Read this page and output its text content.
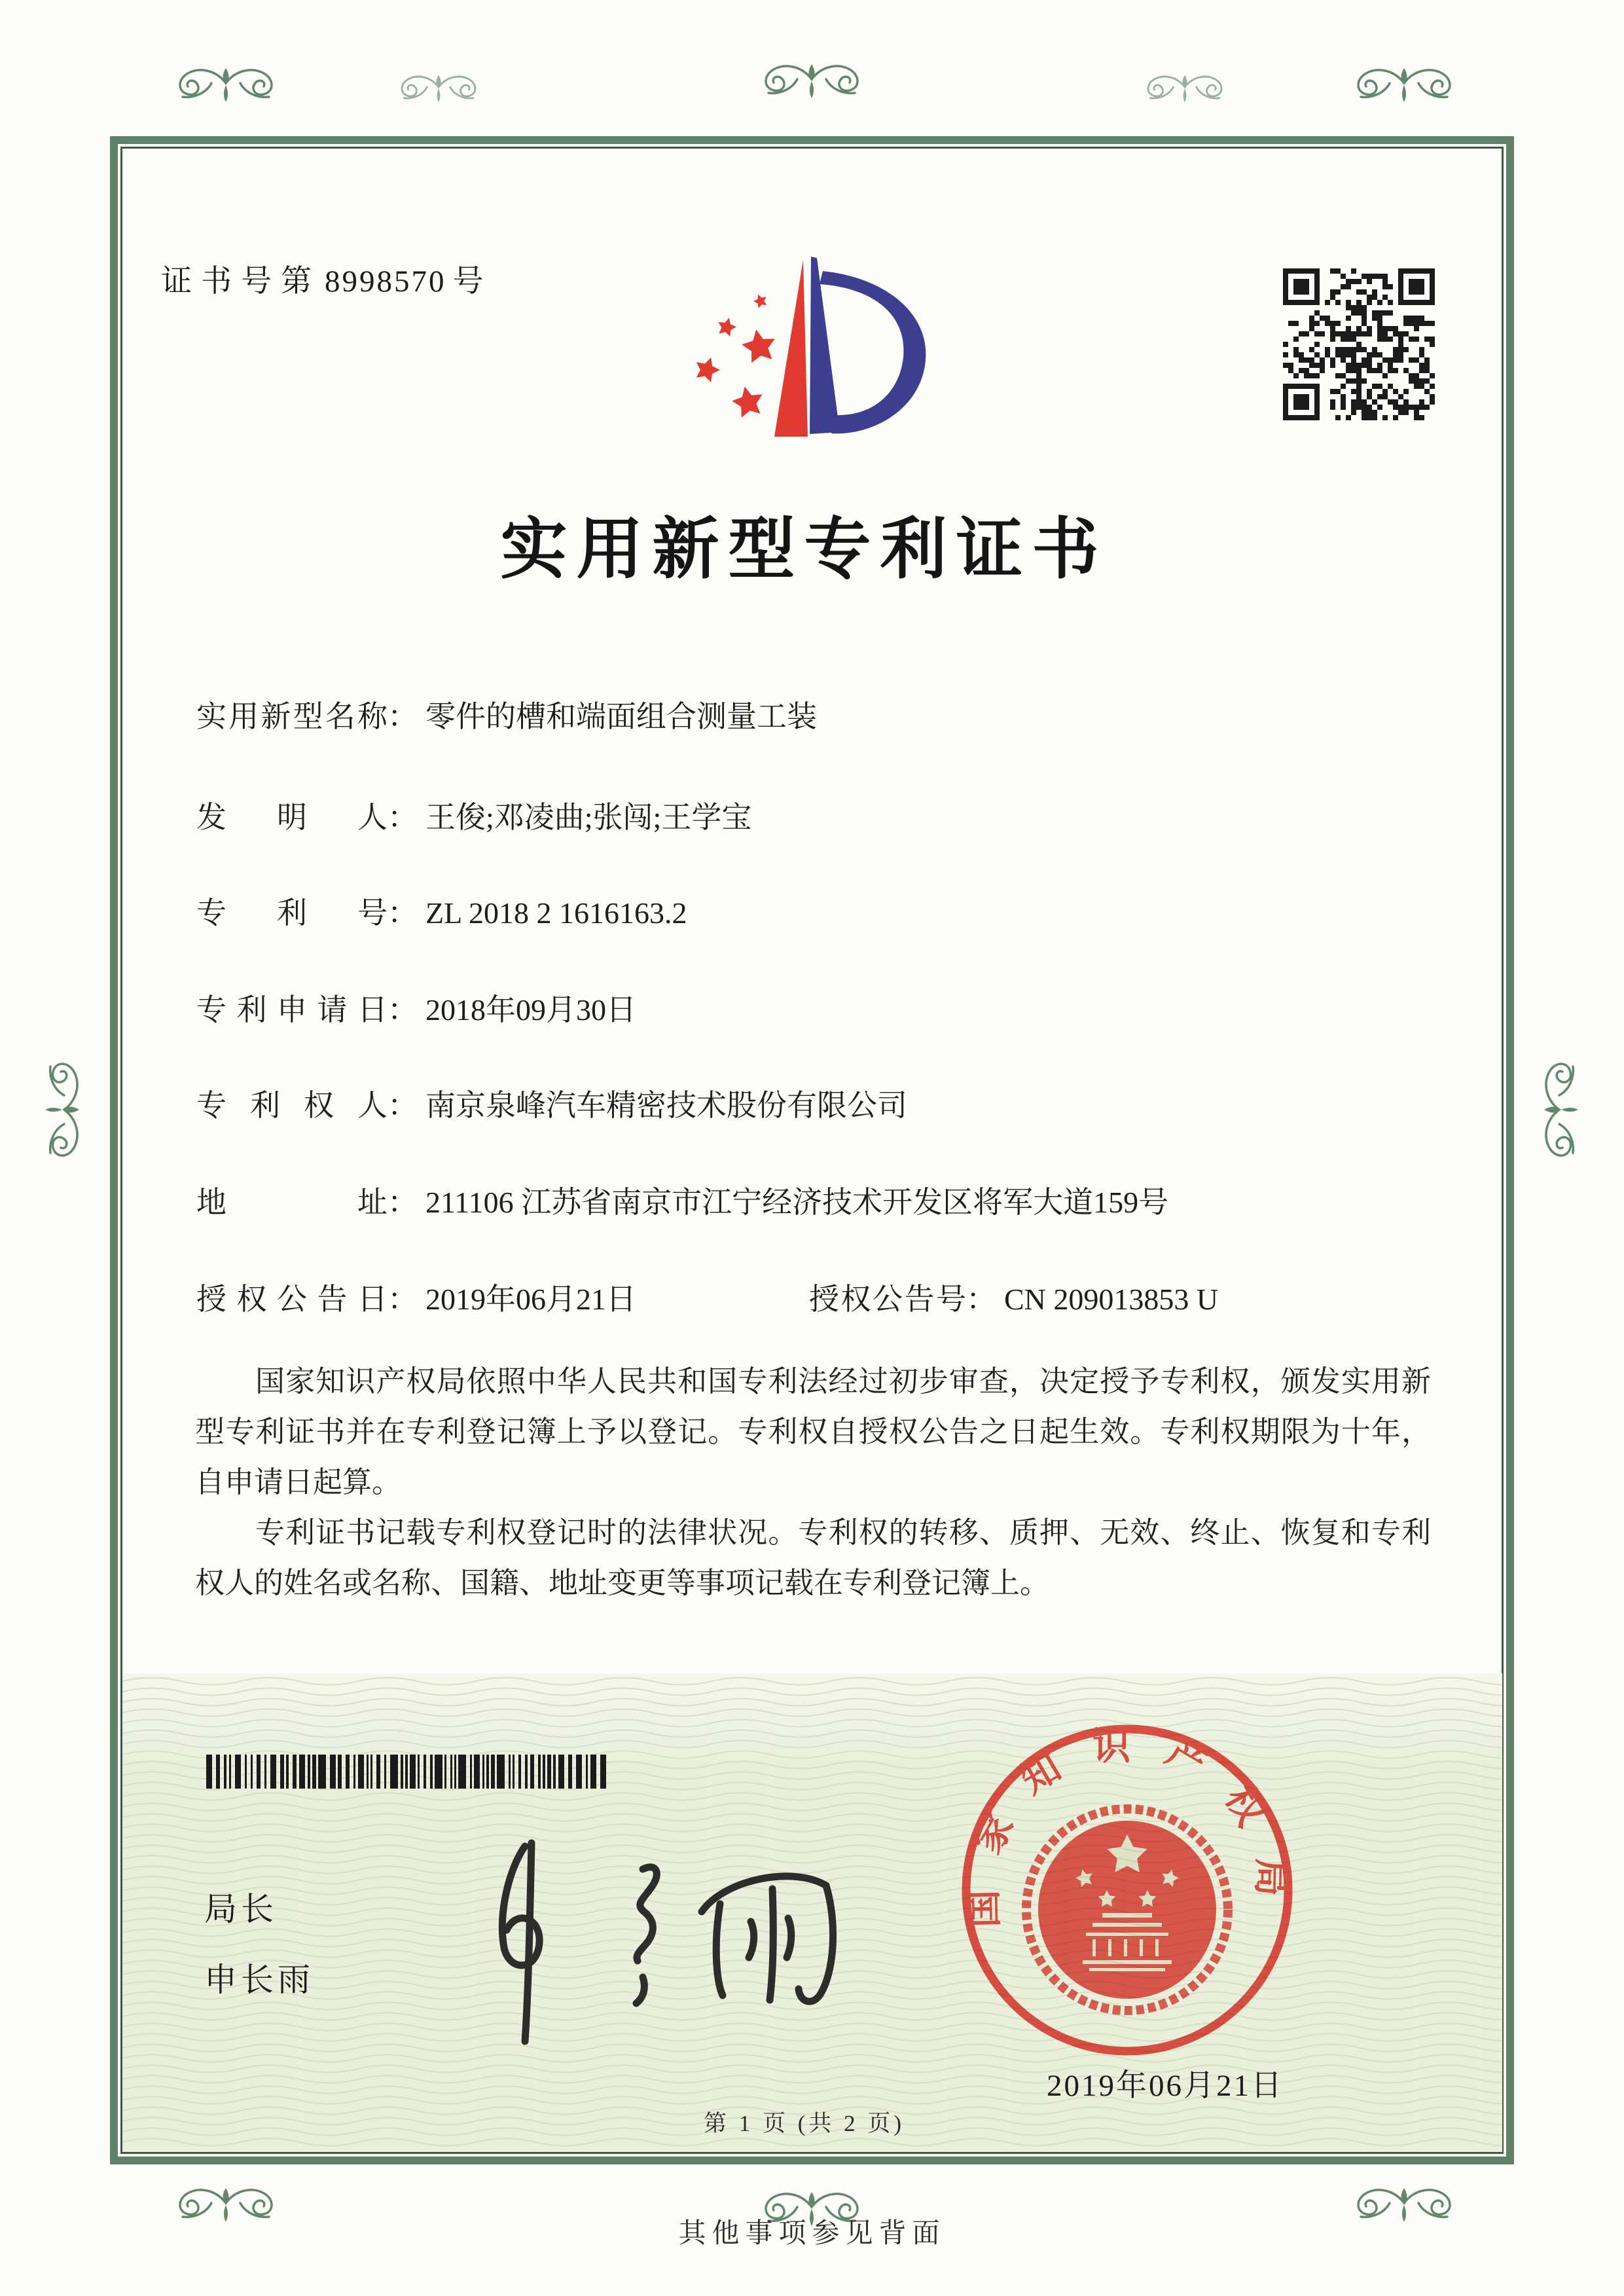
证书号第 8998570 号
实用新型专利证书
实用新型名称： 零件的槽和端面组合测量工装
发明人： 王俊;邓凌曲;张闯;王学宝
专利号： ZL 2018 2 1616163.2
专利申请日： 2018年09月30日
专利权人： 南京泉峰汽车精密技术股份有限公司
地址： 211106 江苏省南京市江宁经济技术开发区将军大道159号
授权公告日： 2019年06月21日	授权公告号： CN 209013853 U

国家知识产权局依照中华人民共和国专利法经过初步审查，决定授予专利权，颁发实用新型专利证书并在专利登记簿上予以登记。专利权自授权公告之日起生效。专利权期限为十年，自申请日起算。

专利证书记载专利权登记时的法律状况。专利权的转移、质押、无效、终止、恢复和专利权人的姓名或名称、国籍、地址变更等事项记载在专利登记簿上。

局长
申长雨
国家知识产权局
2019年06月21日
第 1 页 (共 2 页)
其他事项参见背面
